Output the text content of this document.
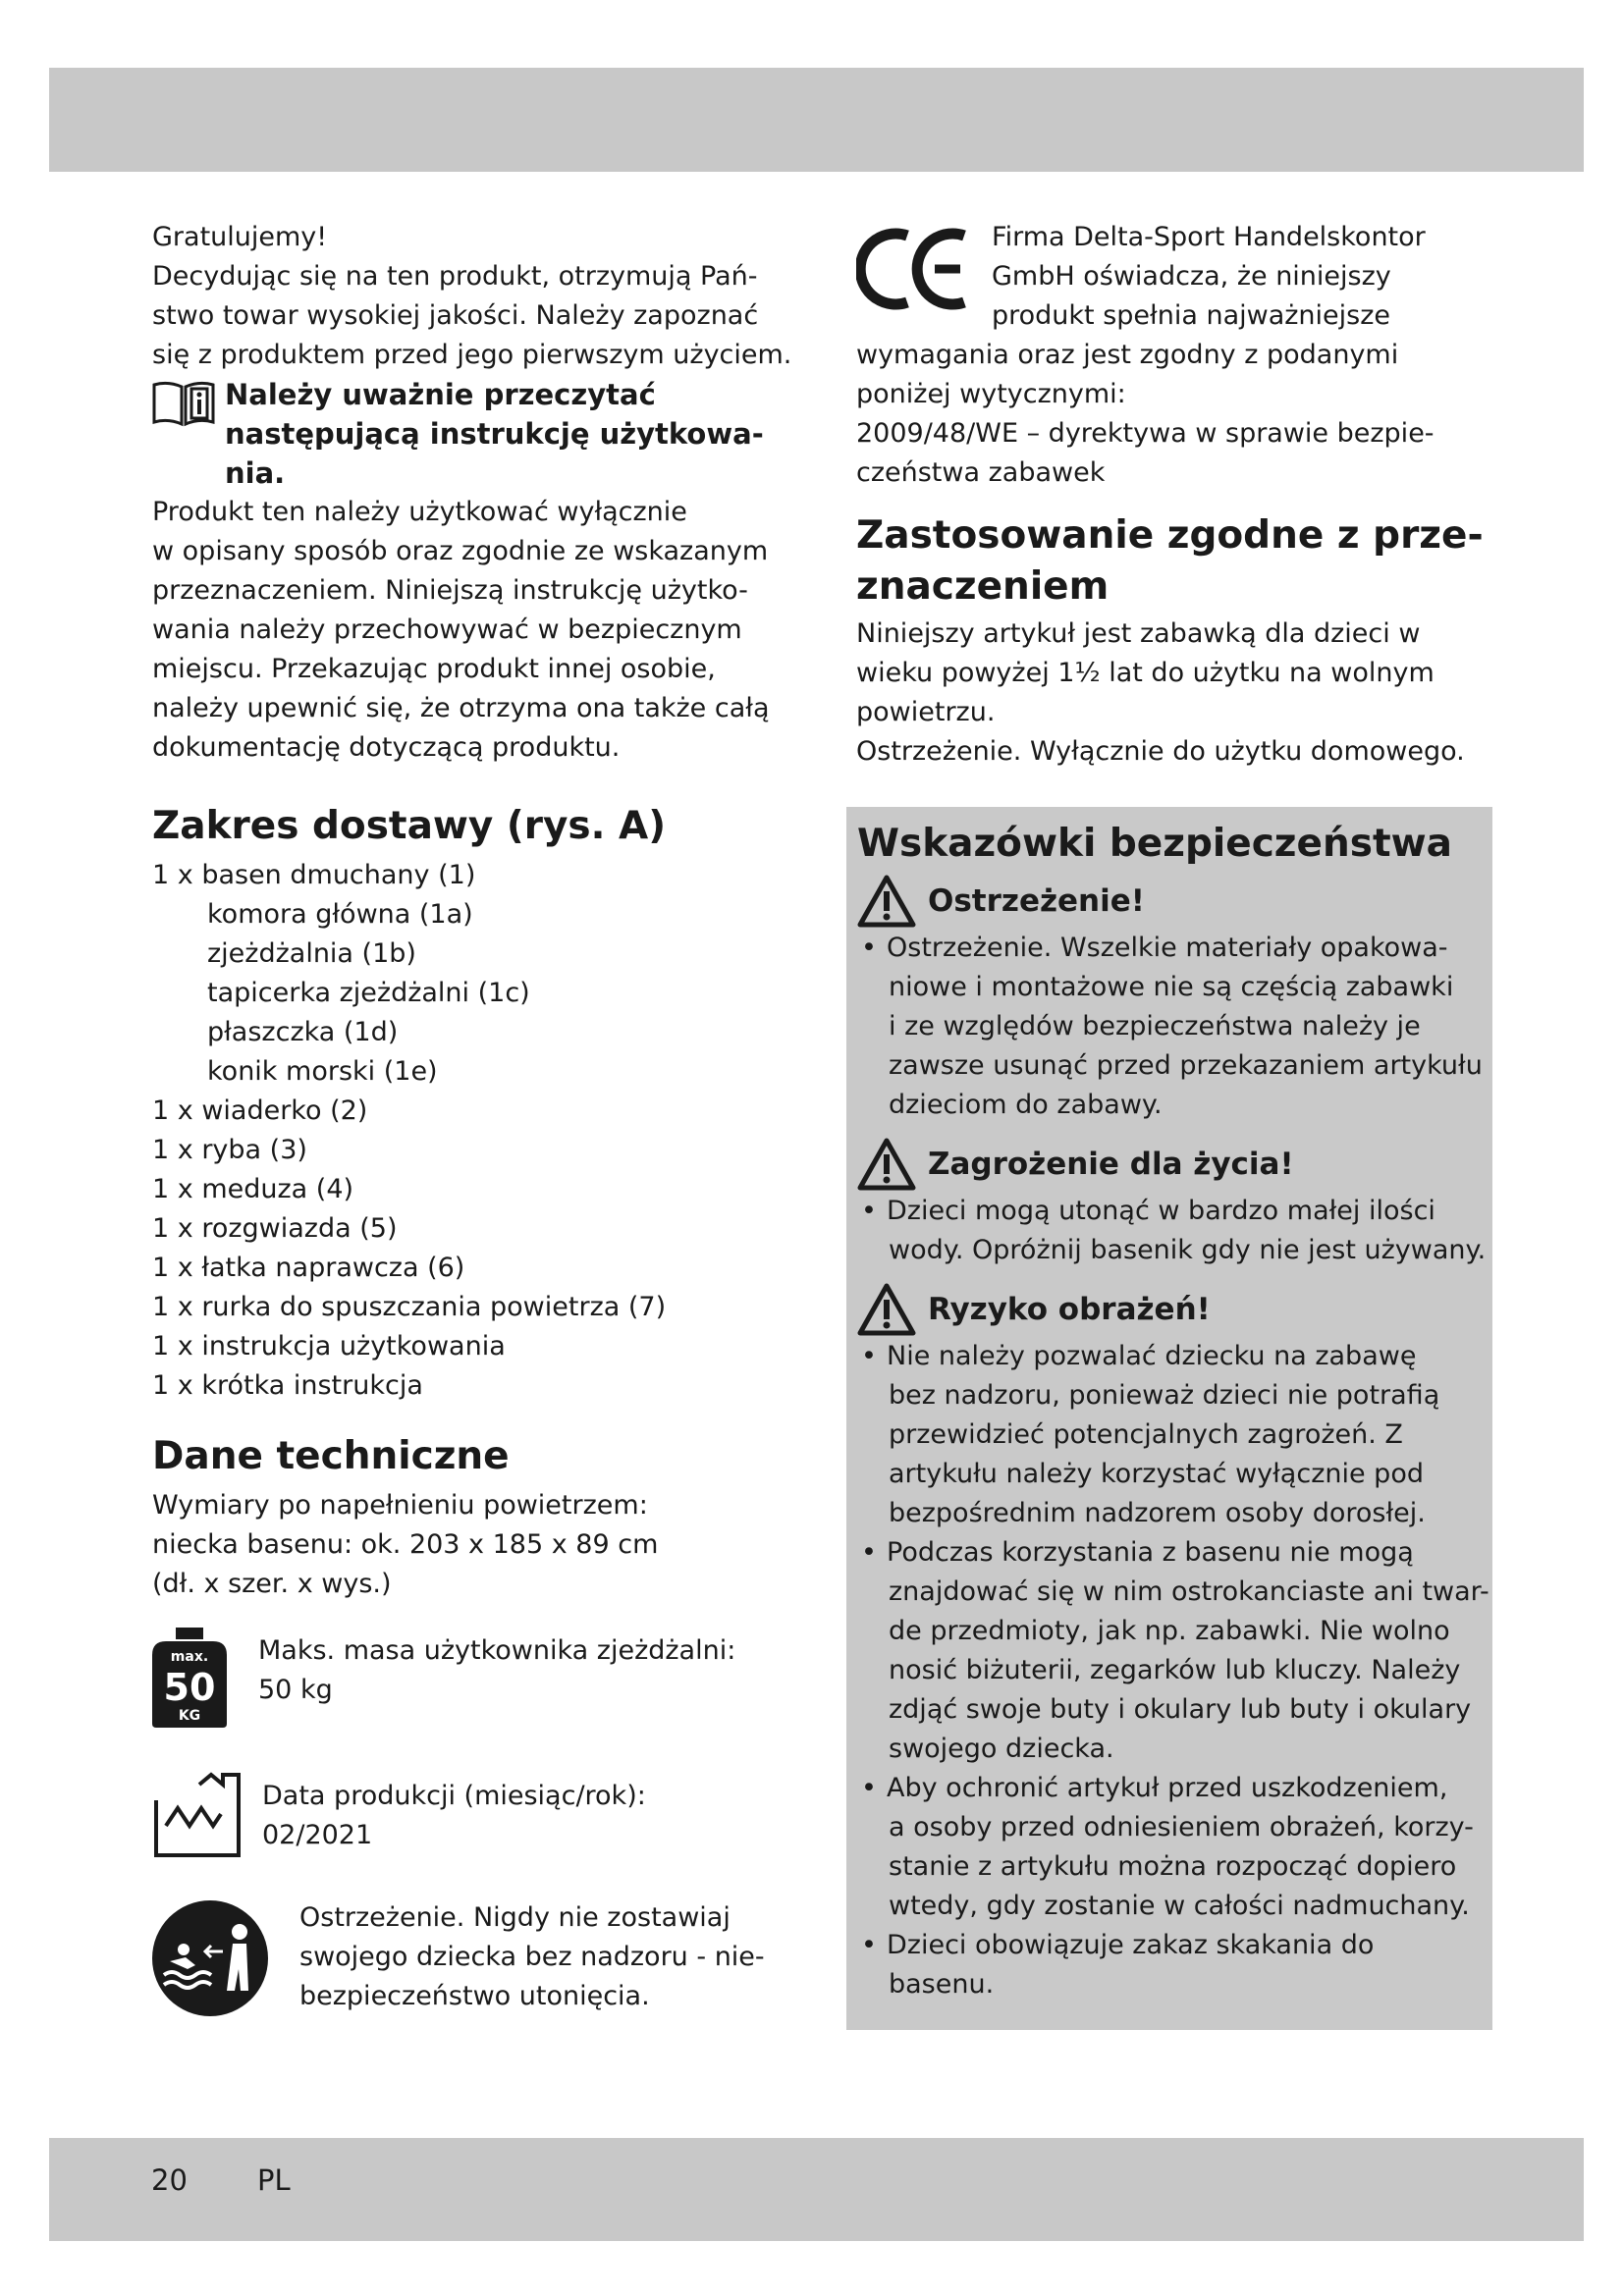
Gratulujemy!

Decydując się na ten produkt, otrzymują Pań-

stwo towar wysokiej jakości. Należy zapoznać

się z produktem przed jego pierwszym użyciem.

Należy uważnie przeczytać

następującą instrukcję użytkowa-

nia.

Produkt ten należy użytkować wyłącznie

w opisany sposób oraz zgodnie ze wskazanym

przeznaczeniem. Niniejszą instrukcję użytko-

wania należy przechowywać w bezpiecznym

miejscu. Przekazując produkt innej osobie,

należy upewnić się, że otrzyma ona także całą

dokumentację dotyczącą produktu.

Zakres dostawy (rys. A)

1 x basen dmuchany (1)

komora główna (1a)

zjeżdżalnia (1b)

tapicerka zjeżdżalni (1c)

płaszczka (1d)

konik morski (1e)

1 x wiaderko (2)

1 x ryba (3)

1 x meduza (4)

1 x rozgwiazda (5)

1 x łatka naprawcza (6)

1 x rurka do spuszczania powietrza (7)

1 x instrukcja użytkowania

1 x krótka instrukcja

Dane techniczne

Wymiary po napełnieniu powietrzem:

niecka basenu: ok. 203 x 185 x 89 cm

(dł. x szer. x wys.)

max.
50
KG

Maks. masa użytkownika zjeżdżalni:

50 kg

Data produkcji (miesiąc/rok):

02/2021

Ostrzeżenie. Nigdy nie zostawiaj

swojego dziecka bez nadzoru - nie-

bezpieczeństwo utonięcia.

Firma Delta-Sport Handelskontor

GmbH oświadcza, że niniejszy

produkt spełnia najważniejsze

wymagania oraz jest zgodny z podanymi

poniżej wytycznymi:

2009/48/WE – dyrektywa w sprawie bezpie-

czeństwa zabawek

Zastosowanie zgodne z prze-
znaczeniem

Niniejszy artykuł jest zabawką dla dzieci w

wieku powyżej 1½ lat do użytku na wolnym

powietrzu.

Ostrzeżenie. Wyłącznie do użytku domowego.

Wskazówki bezpieczeństwa
Ostrzeżenie!

• Ostrzeżenie. Wszelkie materiały opakowa-

niowe i montażowe nie są częścią zabawki

i ze względów bezpieczeństwa należy je

zawsze usunąć przed przekazaniem artykułu

dzieciom do zabawy.

Zagrożenie dla życia!

• Dzieci mogą utonąć w bardzo małej ilości

wody. Opróżnij basenik gdy nie jest używany.

Ryzyko obrażeń!

• Nie należy pozwalać dziecku na zabawę

bez nadzoru, ponieważ dzieci nie potrafią

przewidzieć potencjalnych zagrożeń. Z

artykułu należy korzystać wyłącznie pod

bezpośrednim nadzorem osoby dorosłej.

• Podczas korzystania z basenu nie mogą

znajdować się w nim ostrokanciaste ani twar-

de przedmioty, jak np. zabawki. Nie wolno

nosić biżuterii, zegarków lub kluczy. Należy

zdjąć swoje buty i okulary lub buty i okulary

swojego dziecka.

• Aby ochronić artykuł przed uszkodzeniem,

a osoby przed odniesieniem obrażeń, korzy-

stanie z artykułu można rozpocząć dopiero

wtedy, gdy zostanie w całości nadmuchany.

• Dzieci obowiązuje zakaz skakania do

basenu.

20 PL
